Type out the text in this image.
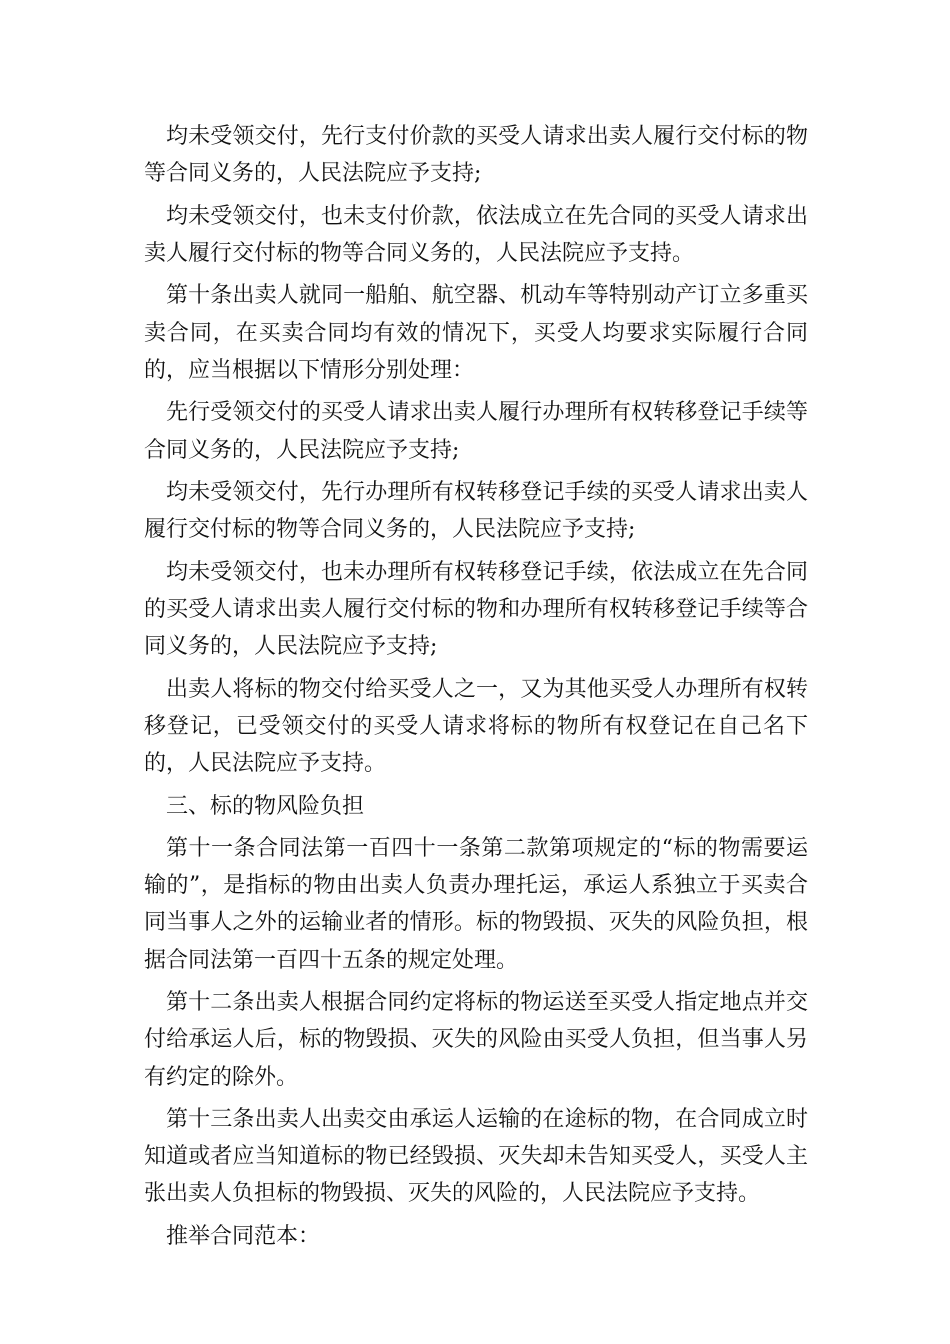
均未受领交付，先行支付价款的买受人请求出卖人履行交付标的物等合同义务的，人民法院应予支持;

均未受领交付，也未支付价款，依法成立在先合同的买受人请求出卖人履行交付标的物等合同义务的，人民法院应予支持。

第十条出卖人就同一船舶、航空器、机动车等特别动产订立多重买卖合同，在买卖合同均有效的情况下，买受人均要求实际履行合同的，应当根据以下情形分别处理：

先行受领交付的买受人请求出卖人履行办理所有权转移登记手续等合同义务的，人民法院应予支持;

均未受领交付，先行办理所有权转移登记手续的买受人请求出卖人履行交付标的物等合同义务的，人民法院应予支持;

均未受领交付，也未办理所有权转移登记手续，依法成立在先合同的买受人请求出卖人履行交付标的物和办理所有权转移登记手续等合同义务的，人民法院应予支持;

出卖人将标的物交付给买受人之一，又为其他买受人办理所有权转移登记，已受领交付的买受人请求将标的物所有权登记在自己名下的，人民法院应予支持。

三、标的物风险负担

第十一条合同法第一百四十一条第二款第项规定的“标的物需要运输的”，是指标的物由出卖人负责办理托运，承运人系独立于买卖合同当事人之外的运输业者的情形。标的物毁损、灭失的风险负担，根据合同法第一百四十五条的规定处理。

第十二条出卖人根据合同约定将标的物运送至买受人指定地点并交付给承运人后，标的物毁损、灭失的风险由买受人负担，但当事人另有约定的除外。

第十三条出卖人出卖交由承运人运输的在途标的物，在合同成立时知道或者应当知道标的物已经毁损、灭失却未告知买受人，买受人主张出卖人负担标的物毁损、灭失的风险的，人民法院应予支持。

推举合同范本：
